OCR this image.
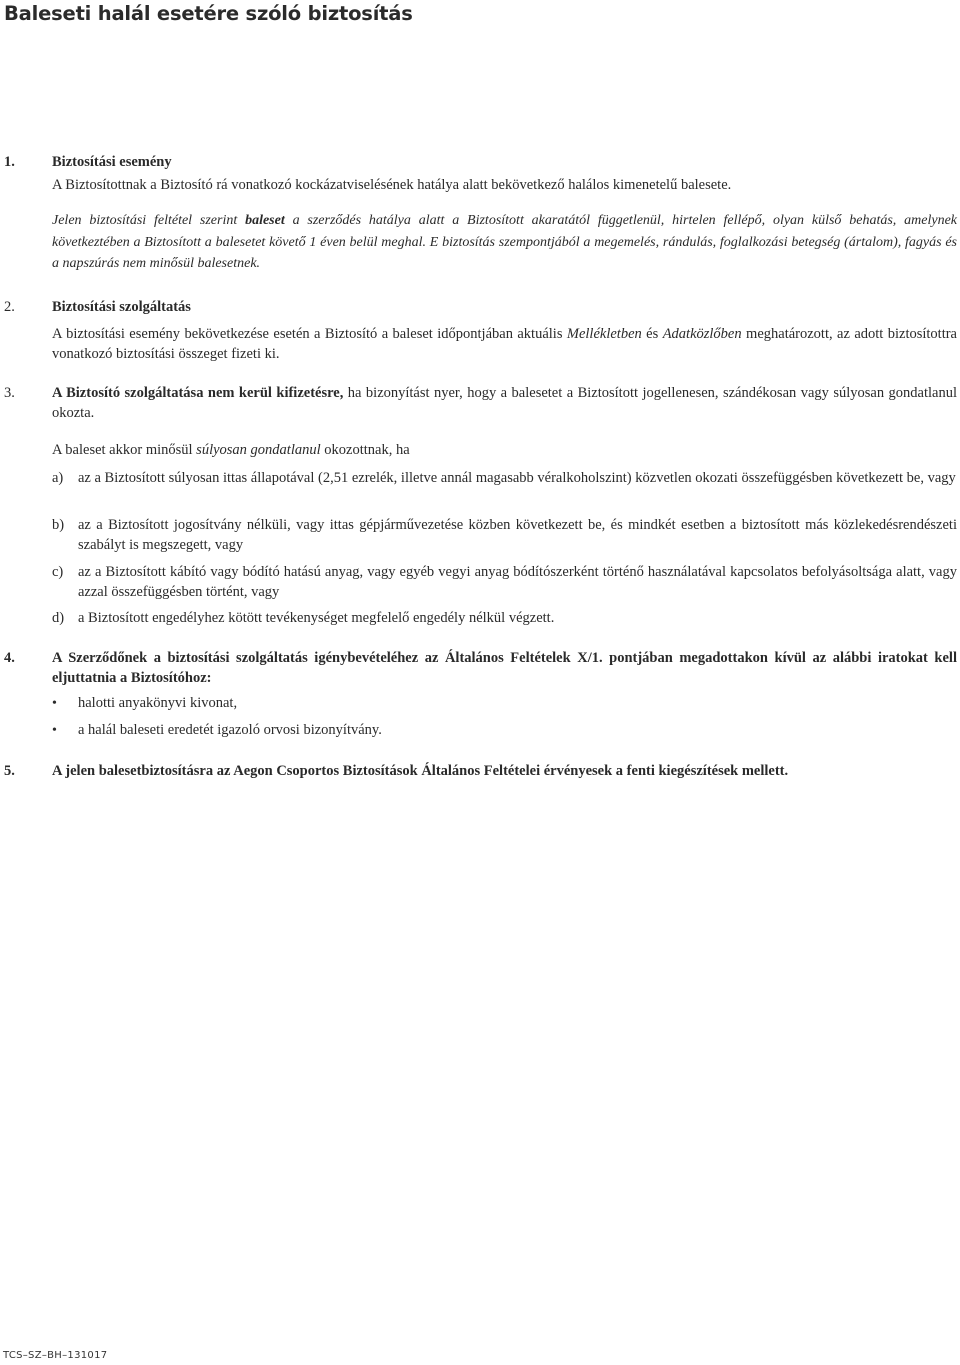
Baleseti halál esetére szóló biztosítás
1.	Biztosítási esemény
A Biztosítottnak a Biztosító rá vonatkozó kockázatviselésének hatálya alatt bekövetkező halálos kimenetelű balesete.
Jelen biztosítási feltétel szerint baleset a szerződés hatálya alatt a Biztosított akaratától függetlenül, hirtelen fellépő, olyan külső behatás, amelynek következtében a Biztosított a balesetet követő 1 éven belül meghal. E biztosítás szempontjából a megemelés, rándulás, foglalkozási betegség (ártalom), fagyás és a napszúrás nem minősül balesetnek.
2.	Biztosítási szolgáltatás
A biztosítási esemény bekövetkezése esetén a Biztosító a baleset időpontjában aktuális Mellékletben és Adatközlőben meghatározott, az adott biztosítottra vonatkozó biztosítási összeget fizeti ki.
3.	A Biztosító szolgáltatása nem kerül kifizetésre, ha bizonyítást nyer, hogy a balesetet a Biztosított jogellenesen, szándékosan vagy súlyosan gondatlanul okozta.
A baleset akkor minősül súlyosan gondatlanul okozottnak, ha
a) az a Biztosított súlyosan ittas állapotával (2,51 ezrelék, illetve annál magasabb véralkoholszint) közvetlen okozati összefüggésben következett be, vagy
b) az a Biztosított jogosítvány nélküli, vagy ittas gépjárművezetése közben következett be, és mindkét esetben a biztosított más közlekedésrendészeti szabályt is megszegett, vagy
c) az a Biztosított kábító vagy bódító hatású anyag, vagy egyéb vegyi anyag bódítószerként történő használatával kapcsolatos befolyásoltsága alatt, vagy azzal összefüggésben történt, vagy
d) a Biztosított engedélyhez kötött tevékenységet megfelelő engedély nélkül végzett.
4.	A Szerződőnek a biztosítási szolgáltatás igénybevételéhez az Általános Feltételek X/1. pontjában megadottakon kívül az alábbi iratokat kell eljuttatnia a Biztosítóhoz:
• halotti anyakönyvi kivonat,
• a halál baleseti eredetét igazoló orvosi bizonyítvány.
5.	A jelen balesetbiztosításra az Aegon Csoportos Biztosítások Általános Feltételei érvényesek a fenti kiegészítések mellett.
TCS–SZ–BH–131017
